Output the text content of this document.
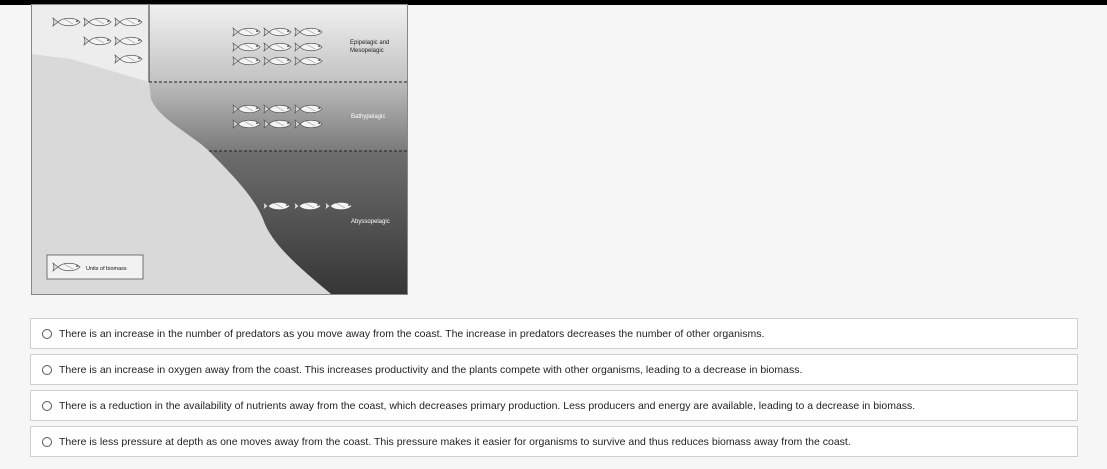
Epipelagic and
Mesopelagic
Bathypelagic
Abyssopelagic
Units of biomass
There is an increase in the number of predators as you move away from the coast. The increase in predators decreases the number of other organisms.
There is an increase in oxygen away from the coast. This increases productivity and the plants compete with other organisms, leading to a decrease in biomass.
There is a reduction in the availability of nutrients away from the coast, which decreases primary production. Less producers and energy are available, leading to a decrease in biomass.
There is less pressure at depth as one moves away from the coast. This pressure makes it easier for organisms to survive and thus reduces biomass away from the coast.
